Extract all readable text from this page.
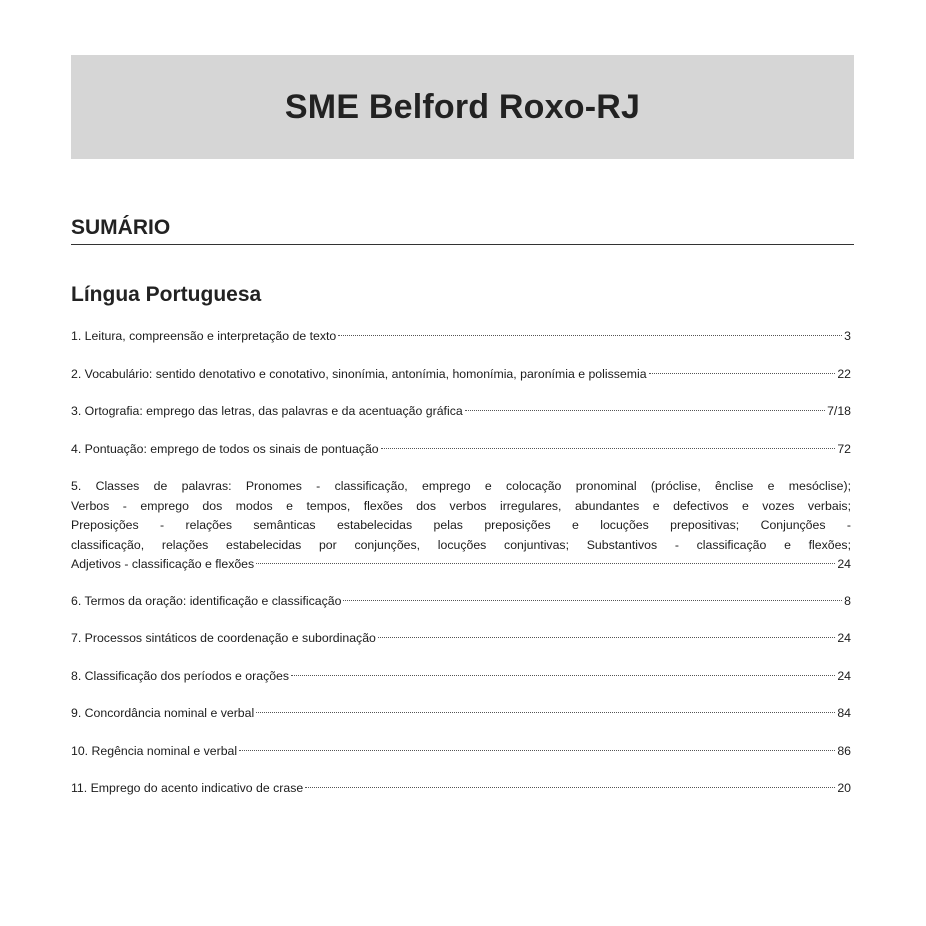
SME Belford Roxo-RJ
SUMÁRIO
Língua Portuguesa
1. Leitura, compreensão e interpretação de texto	3
2. Vocabulário: sentido denotativo e conotativo, sinonímia, antonímia, homonímia, paronímia e polissemia	22
3. Ortografia: emprego das letras, das palavras e da acentuação gráfica	7/18
4. Pontuação: emprego de todos os sinais de pontuação	72
5. Classes de palavras: Pronomes - classificação, emprego e colocação pronominal (próclise, ênclise e mesóclise);
Verbos - emprego dos modos e tempos, flexões dos verbos irregulares, abundantes e defectivos e vozes verbais;
Preposições - relações semânticas estabelecidas pelas preposições e locuções prepositivas; Conjunções -
classificação, relações estabelecidas por conjunções, locuções conjuntivas; Substantivos - classificação e flexões;
Adjetivos - classificação e flexões	24
6. Termos da oração: identificação e classificação	8
7. Processos sintáticos de coordenação e subordinação	24
8. Classificação dos períodos e orações	24
9. Concordância nominal e verbal	84
10. Regência nominal e verbal	86
11. Emprego do acento indicativo de crase	20
